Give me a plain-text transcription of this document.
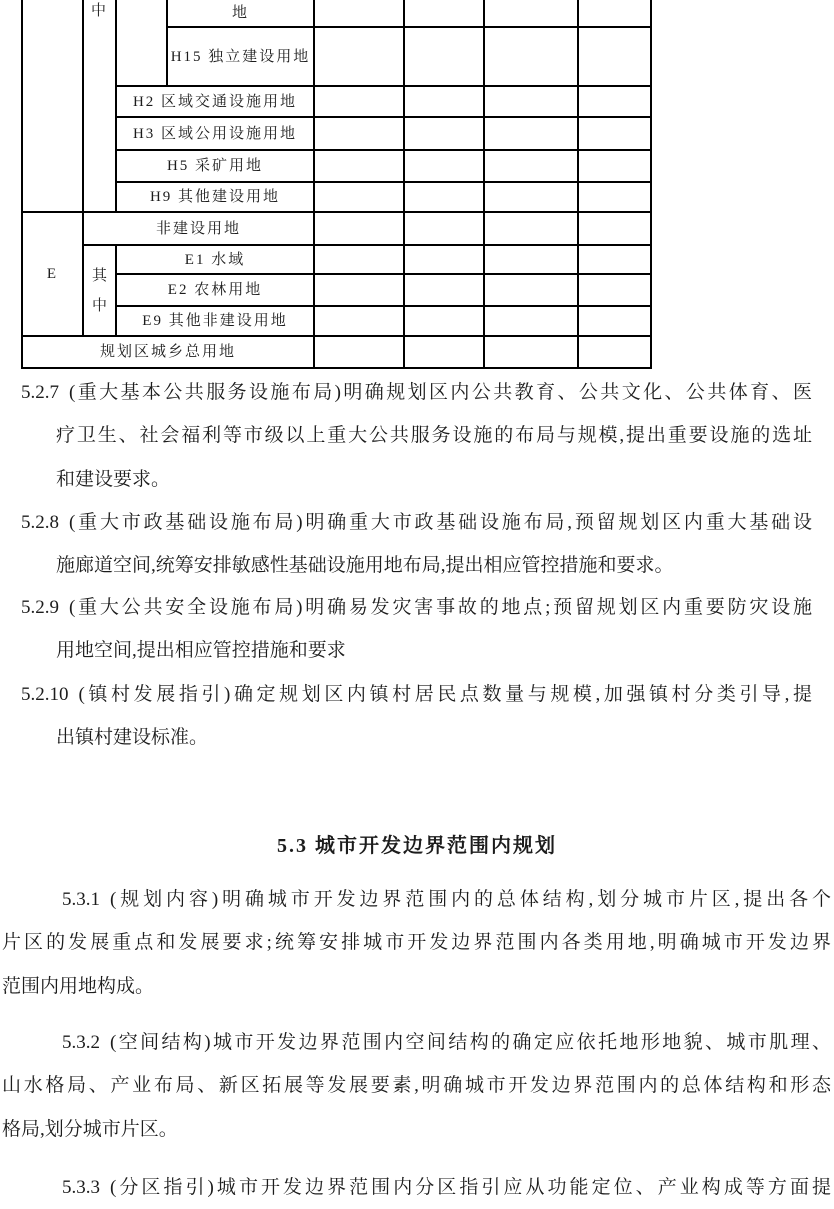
	中		地				
			H15 独立建设用地				
		H2 区域交通设施用地					
		H3 区域公用设施用地					
		H5 采矿用地					
		H9 其他建设用地					
E	非建设用地						
	其中	E1 水域					
		E2 农林用地					
		E9 其他非建设用地					
规划区城乡总用地							
5.2.7 (重大基本公共服务设施布局)明确规划区内公共教育、公共文化、公共体育、医
疗卫生、社会福利等市级以上重大公共服务设施的布局与规模,提出重要设施的选址
和建设要求。
5.2.8 (重大市政基础设施布局)明确重大市政基础设施布局,预留规划区内重大基础设
施廊道空间,统筹安排敏感性基础设施用地布局,提出相应管控措施和要求。
5.2.9 (重大公共安全设施布局)明确易发灾害事故的地点;预留规划区内重要防灾设施
用地空间,提出相应管控措施和要求
5.2.10 (镇村发展指引)确定规划区内镇村居民点数量与规模,加强镇村分类引导,提
出镇村建设标准。
5.3 城市开发边界范围内规划
5.3.1 (规划内容)明确城市开发边界范围内的总体结构,划分城市片区,提出各个
片区的发展重点和发展要求;统筹安排城市开发边界范围内各类用地,明确城市开发边界
范围内用地构成。
5.3.2 (空间结构)城市开发边界范围内空间结构的确定应依托地形地貌、城市肌理、
山水格局、产业布局、新区拓展等发展要素,明确城市开发边界范围内的总体结构和形态
格局,划分城市片区。
5.3.3 (分区指引)城市开发边界范围内分区指引应从功能定位、产业构成等方面提
